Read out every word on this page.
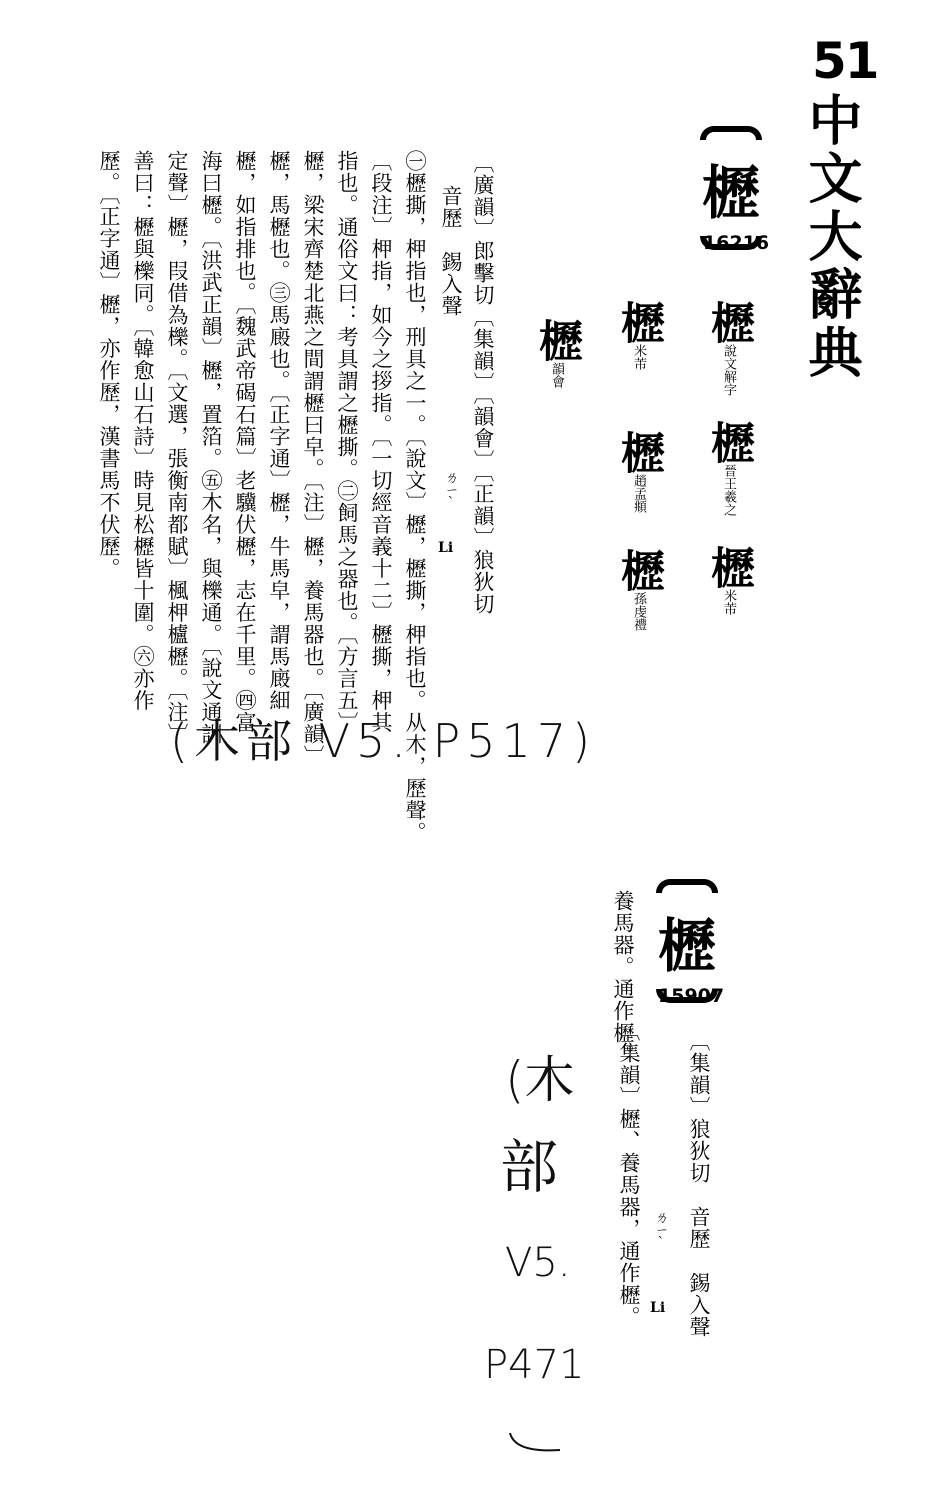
51
中文大辭典
櫪
16216
櫪說文解字
櫪晉王羲之
櫪米芾
櫪米芾
櫪趙孟頫
櫪孫虔禮
櫪韻會
〔廣韻〕郎擊切〔集韻〕〔韻會〕〔正韻〕狼狄切
音歷　錫入聲
ㄌㄧˋ
Li
㊀櫪撕，柙指也，刑具之一。〔說文〕櫪，櫪撕，柙指也。从木，歷聲。
〔段注〕柙指，如今之拶指。〔一切經音義十二〕櫪撕，柙其
指也。通俗文曰：考具謂之櫪撕。㊁飼馬之器也。〔方言五〕
櫪，梁宋齊楚北燕之間謂櫪曰皁。〔注〕櫪，養馬器也。〔廣韻〕
櫪，馬櫪也。㊂馬廄也。〔正字通〕櫪，牛馬皁，謂馬廄細
櫪，如指排也。〔魏武帝碣石篇〕老驥伏櫪，志在千里。㊃富
海曰櫪。〔洪武正韻〕櫪，置箔。㊄木名，與櫟通。〔說文通訓
定聲〕櫪，叚借為櫟。〔文選，張衡南都賦〕楓柙櫨櫪。〔注〕
善曰：櫪與櫟同。〔韓愈山石詩〕時見松櫪皆十圍。㊅亦作
歷。〔正字通〕櫪，亦作歷，漢書馬不伏歷。
(木部 V5. P517)
櫪
15907
〔集韻〕狼狄切　音歷　錫入聲
ㄌㄧˋ
Li
〔集韻〕櫪、養馬器，通作櫪。
養馬器。通作櫪。
(木
部
V5.
P471
